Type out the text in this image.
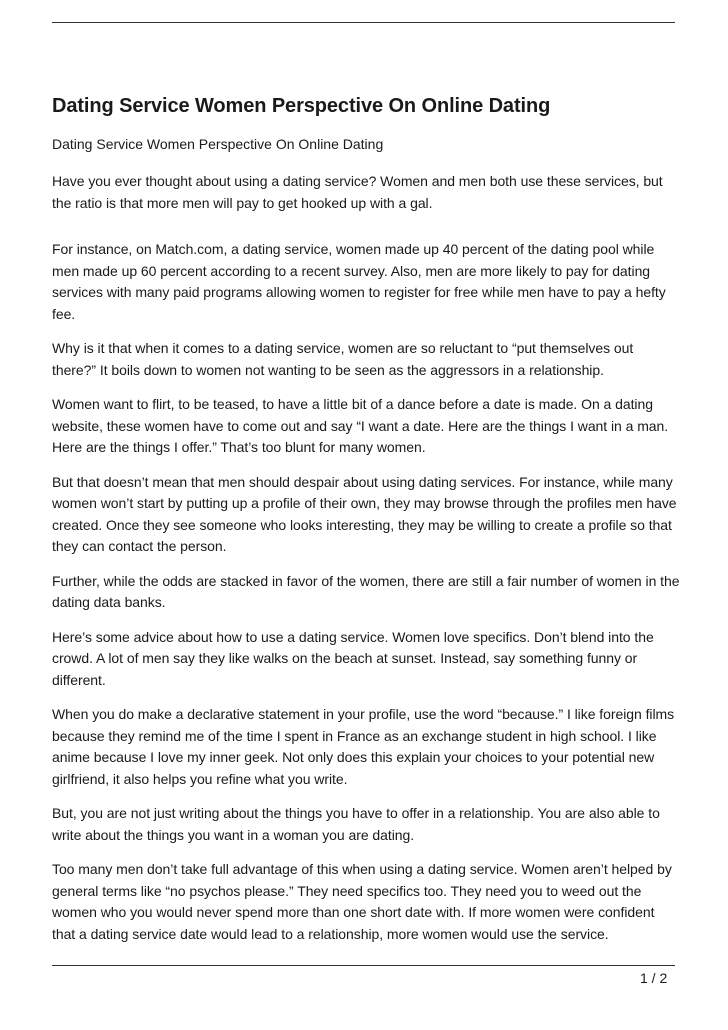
Dating Service Women Perspective On Online Dating

Dating Service Women Perspective On Online Dating

Have you ever thought about using a dating service? Women and men both use these services, but the ratio is that more men will pay to get hooked up with a gal.

For instance, on Match.com, a dating service, women made up 40 percent of the dating pool while men made up 60 percent according to a recent survey. Also, men are more likely to pay for dating services with many paid programs allowing women to register for free while men have to pay a hefty fee.

Why is it that when it comes to a dating service, women are so reluctant to “put themselves out there?” It boils down to women not wanting to be seen as the aggressors in a relationship.

Women want to flirt, to be teased, to have a little bit of a dance before a date is made. On a dating website, these women have to come out and say “I want a date. Here are the things I want in a man. Here are the things I offer.” That’s too blunt for many women.

But that doesn’t mean that men should despair about using dating services. For instance, while many women won’t start by putting up a profile of their own, they may browse through the profiles men have created. Once they see someone who looks interesting, they may be willing to create a profile so that they can contact the person.

Further, while the odds are stacked in favor of the women, there are still a fair number of women in the dating data banks.

Here’s some advice about how to use a dating service. Women love specifics. Don’t blend into the crowd. A lot of men say they like walks on the beach at sunset. Instead, say something funny or different.

When you do make a declarative statement in your profile, use the word “because.” I like foreign films because they remind me of the time I spent in France as an exchange student in high school. I like anime because I love my inner geek. Not only does this explain your choices to your potential new girlfriend, it also helps you refine what you write.

But, you are not just writing about the things you have to offer in a relationship. You are also able to write about the things you want in a woman you are dating.

Too many men don’t take full advantage of this when using a dating service. Women aren’t helped by general terms like “no psychos please.” They need specifics too. They need you to weed out the women who you would never spend more than one short date with. If more women were confident that a dating service date would lead to a relationship, more women would use the service.

1 / 2
